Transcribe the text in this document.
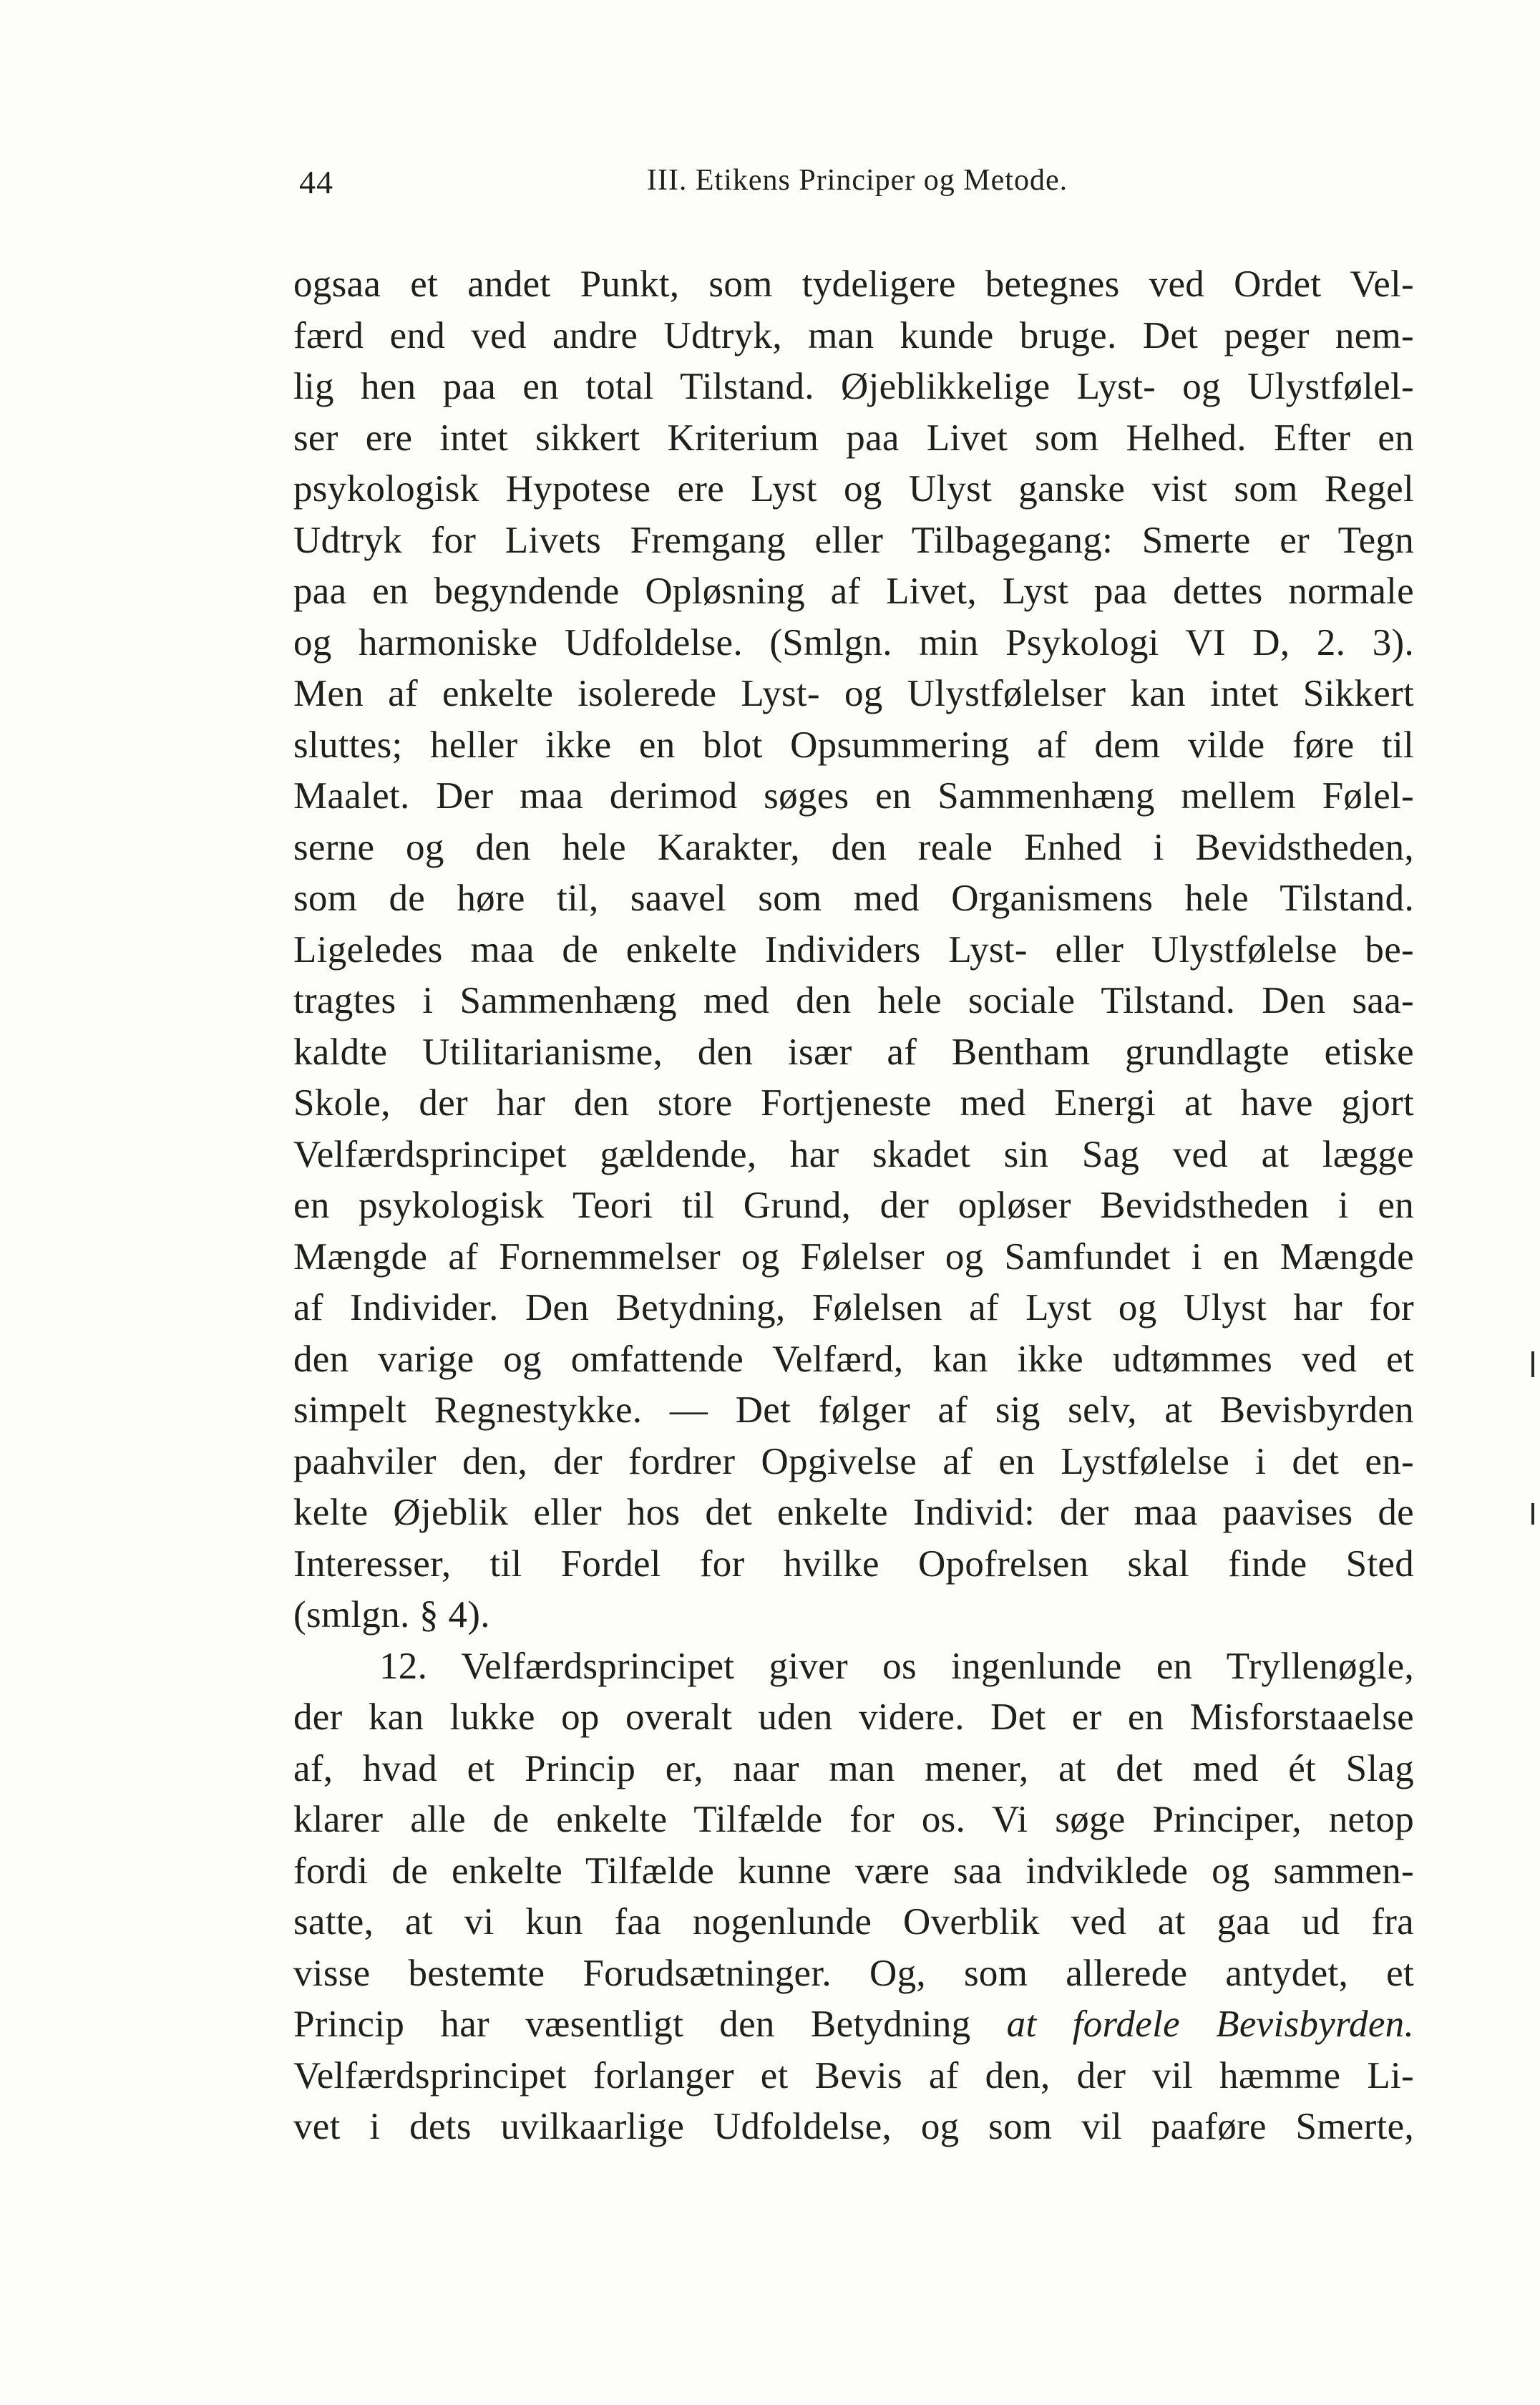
44	III. Etikens Principer og Metode.
ogsaa et andet Punkt, som tydeligere betegnes ved Ordet Vel-
færd end ved andre Udtryk, man kunde bruge. Det peger nem-
lig hen paa en total Tilstand. Øjeblikkelige Lyst- og Ulystfølel-
ser ere intet sikkert Kriterium paa Livet som Helhed. Efter en
psykologisk Hypotese ere Lyst og Ulyst ganske vist som Regel
Udtryk for Livets Fremgang eller Tilbagegang: Smerte er Tegn
paa en begyndende Opløsning af Livet, Lyst paa dettes normale
og harmoniske Udfoldelse. (Smlgn. min Psykologi VI D, 2. 3).
Men af enkelte isolerede Lyst- og Ulystfølelser kan intet Sikkert
sluttes; heller ikke en blot Opsummering af dem vilde føre til
Maalet. Der maa derimod søges en Sammenhæng mellem Følel-
serne og den hele Karakter, den reale Enhed i Bevidstheden,
som de høre til, saavel som med Organismens hele Tilstand.
Ligeledes maa de enkelte Individers Lyst- eller Ulystfølelse be-
tragtes i Sammenhæng med den hele sociale Tilstand. Den saa-
kaldte Utilitarianisme, den især af Bentham grundlagte etiske
Skole, der har den store Fortjeneste med Energi at have gjort
Velfærdsprincipet gældende, har skadet sin Sag ved at lægge
en psykologisk Teori til Grund, der opløser Bevidstheden i en
Mængde af Fornemmelser og Følelser og Samfundet i en Mængde
af Individer. Den Betydning, Følelsen af Lyst og Ulyst har for
den varige og omfattende Velfærd, kan ikke udtømmes ved et
simpelt Regnestykke. — Det følger af sig selv, at Bevisbyrden
paahviler den, der fordrer Opgivelse af en Lystfølelse i det en-
kelte Øjeblik eller hos det enkelte Individ: der maa paavises de
Interesser, til Fordel for hvilke Opofrelsen skal finde Sted
(smlgn. § 4).
12. Velfærdsprincipet giver os ingenlunde en Tryllenøgle,
der kan lukke op overalt uden videre. Det er en Misforstaaelse
af, hvad et Princip er, naar man mener, at det med ét Slag
klarer alle de enkelte Tilfælde for os. Vi søge Principer, netop
fordi de enkelte Tilfælde kunne være saa indviklede og sammen-
satte, at vi kun faa nogenlunde Overblik ved at gaa ud fra
visse bestemte Forudsætninger. Og, som allerede antydet, et
Princip har væsentligt den Betydning at fordele Bevisbyrden.
Velfærdsprincipet forlanger et Bevis af den, der vil hæmme Li-
vet i dets uvilkaarlige Udfoldelse, og som vil paaføre Smerte,
